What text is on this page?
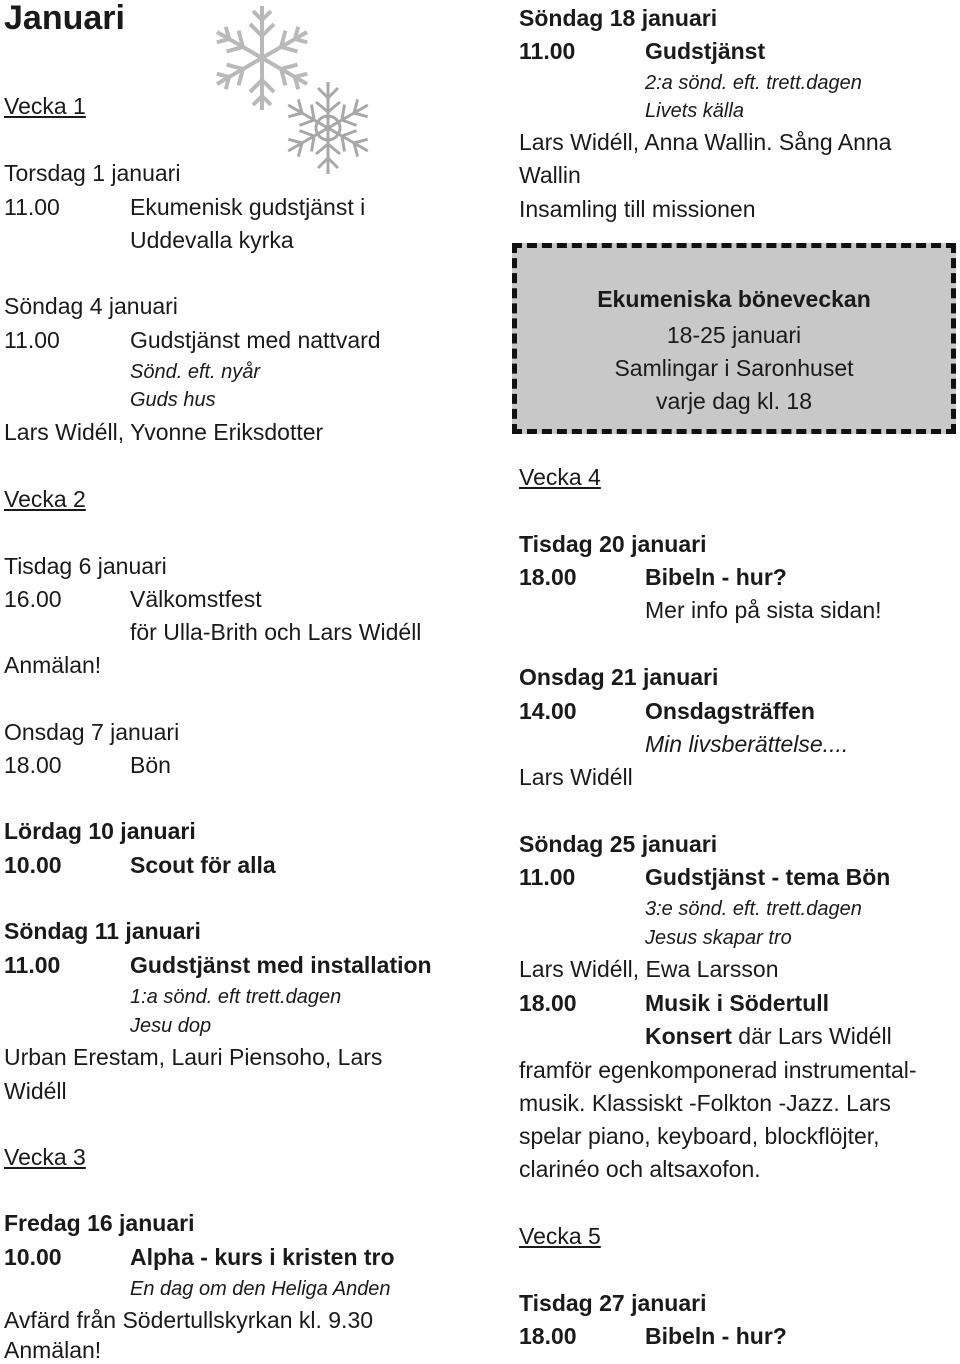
Januari
Vecka 1
Torsdag 1 januari
11.00	Ekumenisk gudstjänst i
Uddevalla kyrka
Söndag 4 januari
11.00	Gudstjänst med nattvard
Sönd. eft. nyår
Guds hus
Lars Widéll, Yvonne Eriksdotter
Vecka 2
Tisdag 6 januari
16.00	Välkomstfest
för Ulla-Brith och Lars Widéll
Anmälan!
Onsdag 7 januari
18.00	Bön
Lördag 10 januari
10.00	Scout för alla
Söndag 11 januari
11.00	Gudstjänst med installation
1:a sönd. eft trett.dagen
Jesu dop
Urban Erestam, Lauri Piensoho, Lars
Widéll
Vecka 3
Fredag 16 januari
10.00	Alpha - kurs i kristen tro
En dag om den Heliga Anden
Avfärd från Södertullskyrkan kl. 9.30
Anmälan!
Söndag 18 januari
11.00	Gudstjänst
2:a sönd. eft. trett.dagen
Livets källa
Lars Widéll, Anna Wallin. Sång Anna
Wallin
Insamling till missionen
Ekumeniska böneveckan
18-25 januari
Samlingar i Saronhuset
varje dag kl. 18
Vecka 4
Tisdag 20 januari
18.00	Bibeln - hur?
Mer info på sista sidan!
Onsdag 21 januari
14.00	Onsdagsträffen
Min livsberättelse....
Lars Widéll
Söndag 25 januari
11.00	Gudstjänst - tema Bön
3:e sönd. eft. trett.dagen
Jesus skapar tro
Lars Widéll, Ewa Larsson
18.00	Musik i Södertull
Konsert där Lars Widéll
framför egenkomponerad instrumental-
musik. Klassiskt -Folkton -Jazz. Lars
spelar piano, keyboard, blockflöjter,
clarinéo och altsaxofon.
Vecka 5
Tisdag 27 januari
18.00	Bibeln - hur?
